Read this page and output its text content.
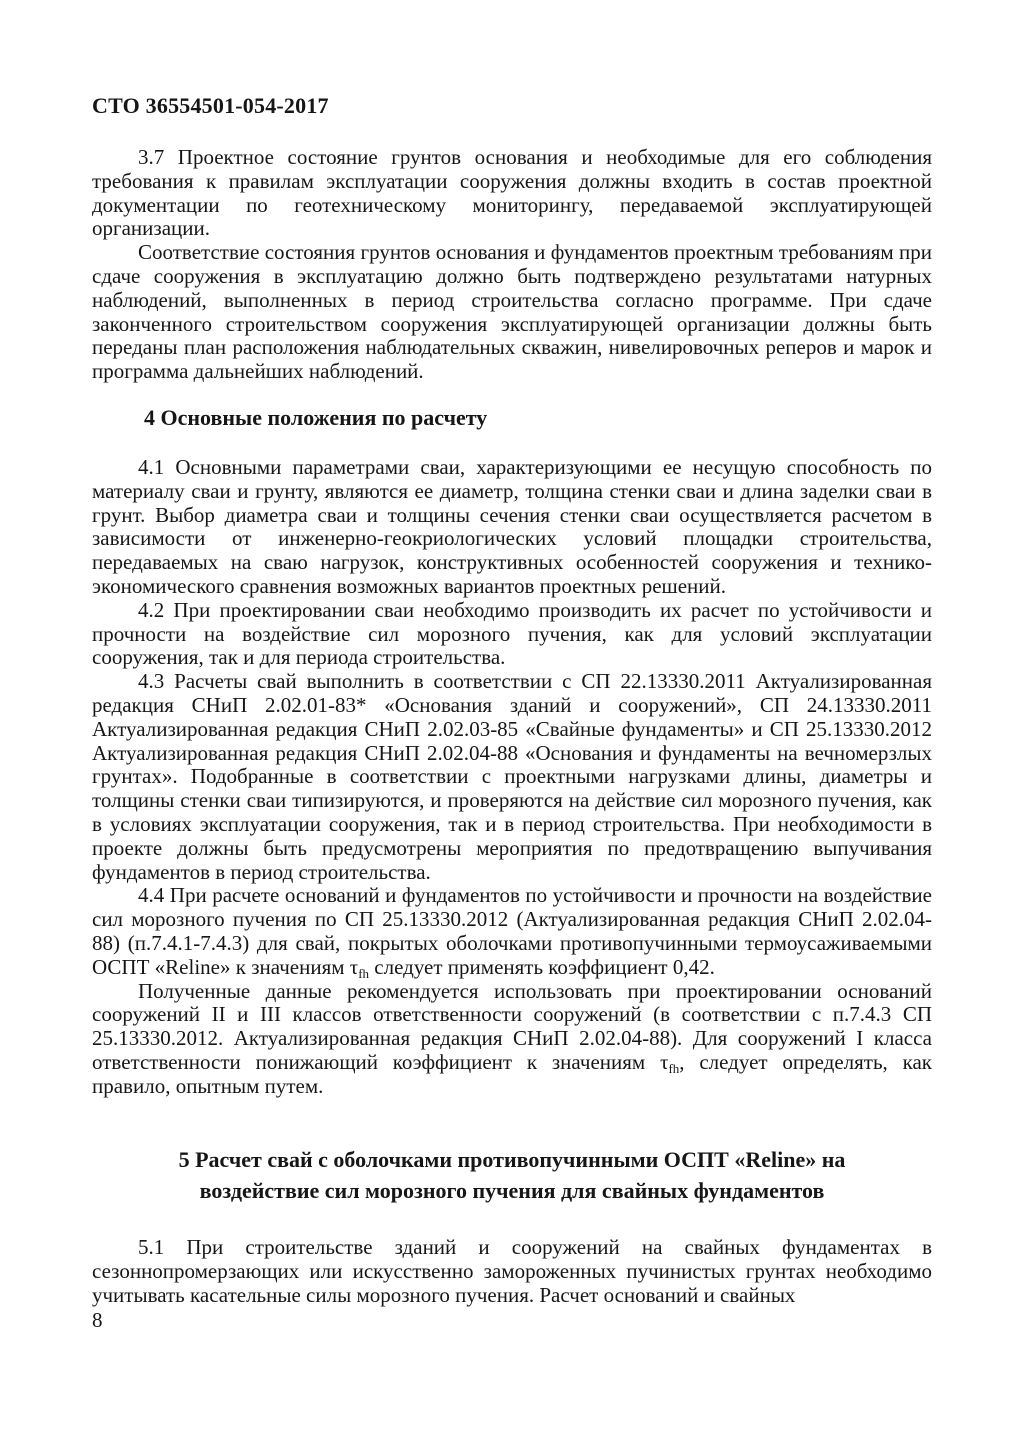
СТО 36554501-054-2017

3.7 Проектное состояние грунтов основания и необходимые для его соблюдения требования к правилам эксплуатации сооружения должны входить в состав проектной документации по геотехническому мониторингу, передаваемой эксплуатирующей организации.

Соответствие состояния грунтов основания и фундаментов проектным требованиям при сдаче сооружения в эксплуатацию должно быть подтверждено результатами натурных наблюдений, выполненных в период строительства согласно программе. При сдаче законченного строительством сооружения эксплуатирующей организации должны быть переданы план расположения наблюдательных скважин, нивелировочных реперов и марок и программа дальнейших наблюдений.

4 Основные положения по расчету

4.1 Основными параметрами сваи, характеризующими ее несущую способность по материалу сваи и грунту, являются ее диаметр, толщина стенки сваи и длина заделки сваи в грунт. Выбор диаметра сваи и толщины сечения стенки сваи осуществляется расчетом в зависимости от инженерно-геокриологических условий площадки строительства, передаваемых на сваю нагрузок, конструктивных особенностей сооружения и технико-экономического сравнения возможных вариантов проектных решений.

4.2 При проектировании сваи необходимо производить их расчет по устойчивости и прочности на воздействие сил морозного пучения, как для условий эксплуатации сооружения, так и для периода строительства.

4.3 Расчеты свай выполнить в соответствии с СП 22.13330.2011 Актуализированная редакция СНиП 2.02.01-83* «Основания зданий и сооружений», СП 24.13330.2011 Актуализированная редакция СНиП 2.02.03-85 «Свайные фундаменты» и СП 25.13330.2012 Актуализированная редакция СНиП 2.02.04-88 «Основания и фундаменты на вечномерзлых грунтах». Подобранные в соответствии с проектными нагрузками длины, диаметры и толщины стенки сваи типизируются, и проверяются на действие сил морозного пучения, как в условиях эксплуатации сооружения, так и в период строительства. При необходимости в проекте должны быть предусмотрены мероприятия по предотвращению выпучивания фундаментов в период строительства.

4.4 При расчете оснований и фундаментов по устойчивости и прочности на воздействие сил морозного пучения по СП 25.13330.2012 (Актуализированная редакция СНиП 2.02.04-88) (п.7.4.1-7.4.3) для свай, покрытых оболочками противопучинными термоусаживаемыми ОСПТ «Reline» к значениям $\tau_{fh}$ следует применять коэффициент 0,42.

Полученные данные рекомендуется использовать при проектировании оснований сооружений II и III классов ответственности сооружений (в соответствии с п.7.4.3 СП 25.13330.2012. Актуализированная редакция СНиП 2.02.04-88). Для сооружений I класса ответственности понижающий коэффициент к значениям $\tau_{fh}$, следует определять, как правило, опытным путем.

5 Расчет свай с оболочками противопучинными ОСПТ «Reline» на воздействие сил морозного пучения для свайных фундаментов

5.1 При строительстве зданий и сооружений на свайных фундаментах в сезоннопромерзающих или искусственно замороженных пучинистых грунтах необходимо учитывать касательные силы морозного пучения. Расчет оснований и свайных

8
